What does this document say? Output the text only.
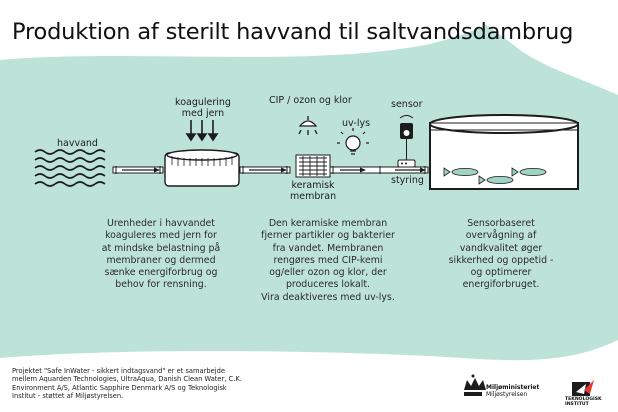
Produktion af sterilt havvand til saltvandsdambrug
havvand
koagulering
med jern
forbehandling
CIP / ozon og klor
uv-lys
keramisk
membran
sensor
styring
Urenheder i havvandet
koaguleres med jern for
at mindske belastning på
membraner og dermed
sænke energiforbrug og
behov for rensning.
Den keramiske membran
fjerner partikler og bakterier
fra vandet. Membranen
rengøres med CIP-kemi
og/eller ozon og klor, der
produceres lokalt.
Vira deaktiveres med uv-lys.
Sensorbaseret
overvågning af
vandkvalitet øger
sikkerhed og oppetid -
og optimerer
energiforbruget.
Projektet "Safe InWater - sikkert indtagsvand" er et samarbejde
mellem Aquarden Technologies, UltraAqua, Danish Clean Water, C.K.
Environment A/S, Atlantic Sapphire Denmark A/S og Teknologisk
Institut - støttet af Miljøstyrelsen.
Miljøministeriet
Miljøstyrelsen
TEKNOLOGISK
INSTITUT
